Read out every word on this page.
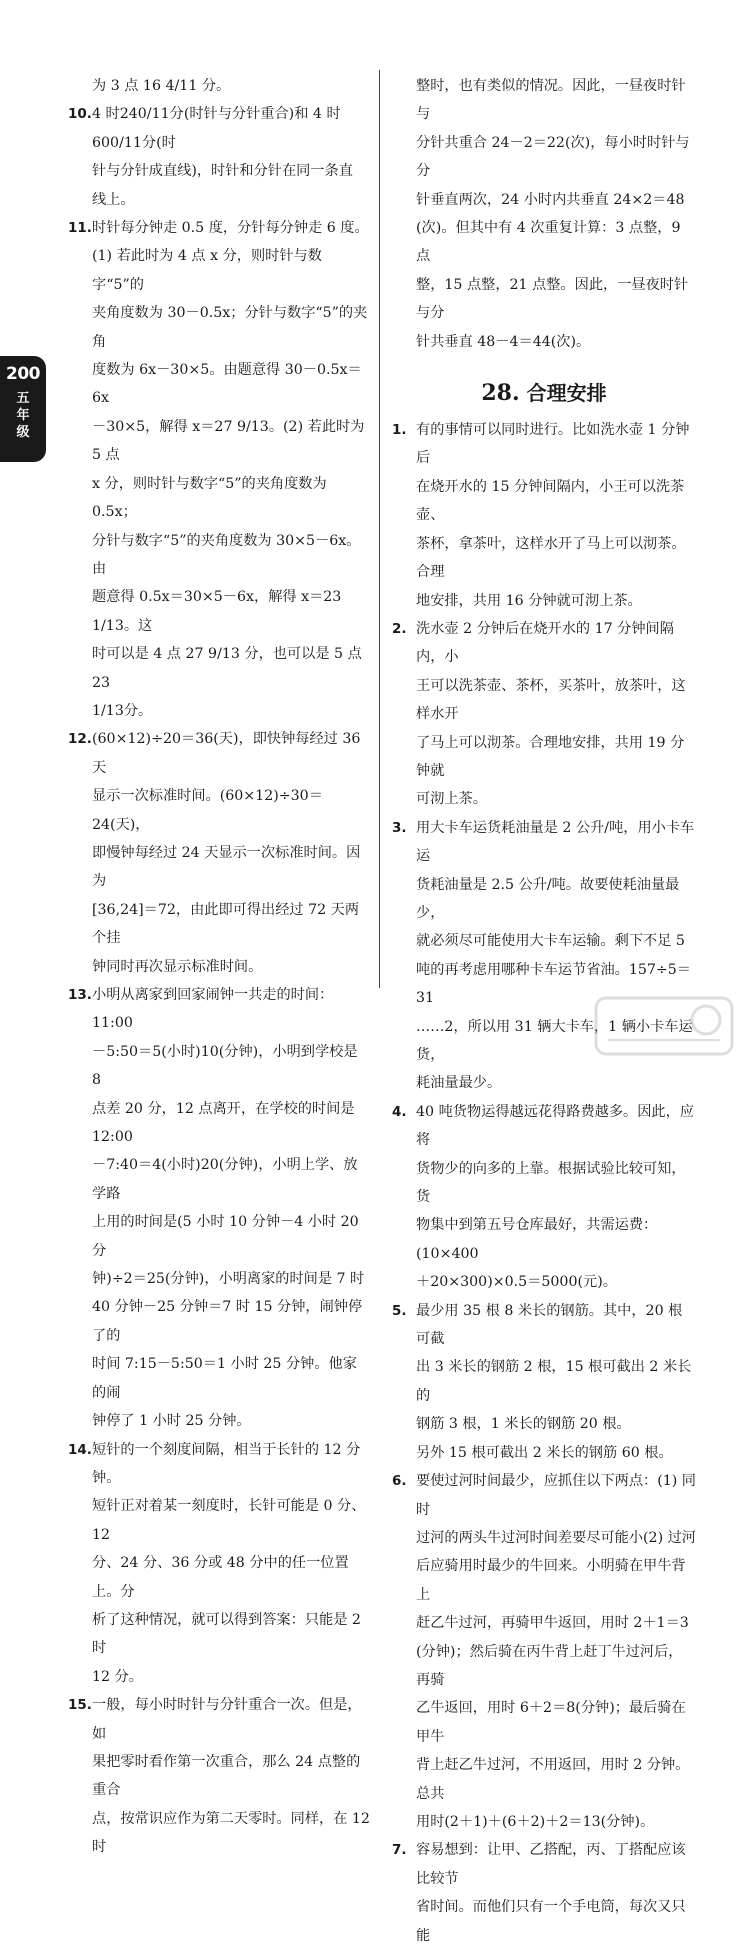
200
五
年
级

为 3 点 16 4/11 分。

10. 4 时240/11分(时针与分针重合)和 4 时600/11分(时

针与分针成直线)，时针和分针在同一条直

线上。

11. 时针每分钟走 0.5 度，分针每分钟走 6 度。

(1) 若此时为 4 点 x 分，则时针与数字“5”的

夹角度数为 30－0.5x；分针与数字“5”的夹角

度数为 6x－30×5。由题意得 30－0.5x＝6x

－30×5，解得 x＝27 9/13。(2) 若此时为 5 点

x 分，则时针与数字“5”的夹角度数为 0.5x；

分针与数字“5”的夹角度数为 30×5－6x。由

题意得 0.5x＝30×5－6x，解得 x＝23 1/13。这

时可以是 4 点 27 9/13 分，也可以是 5 点 23

1/13分。

12. (60×12)÷20＝36(天)，即快钟每经过 36 天

显示一次标准时间。(60×12)÷30＝24(天)，

即慢钟每经过 24 天显示一次标准时间。因为

[36,24]＝72，由此即可得出经过 72 天两个挂

钟同时再次显示标准时间。

13. 小明从离家到回家闹钟一共走的时间：11:00

－5:50＝5(小时)10(分钟)，小明到学校是 8

点差 20 分，12 点离开，在学校的时间是 12:00

－7:40＝4(小时)20(分钟)，小明上学、放学路

上用的时间是(5 小时 10 分钟－4 小时 20 分

钟)÷2＝25(分钟)，小明离家的时间是 7 时

40 分钟－25 分钟＝7 时 15 分钟，闹钟停了的

时间 7:15－5:50＝1 小时 25 分钟。他家的闹

钟停了 1 小时 25 分钟。

14. 短针的一个刻度间隔，相当于长针的 12 分钟。

短针正对着某一刻度时，长针可能是 0 分、12

分、24 分、36 分或 48 分中的任一位置上。分

析了这种情况，就可以得到答案：只能是 2 时

12 分。

15. 一般，每小时时针与分针重合一次。但是，如

果把零时看作第一次重合，那么 24 点整的重合

点，按常识应作为第二天零时。同样，在 12 时

整时，也有类似的情况。因此，一昼夜时针与

分针共重合 24－2＝22(次)，每小时时针与分

针垂直两次，24 小时内共垂直 24×2＝48

(次)。但其中有 4 次重复计算：3 点整，9 点

整，15 点整，21 点整。因此，一昼夜时针与分

针共垂直 48－4＝44(次)。

28. 合理安排
1. 有的事情可以同时进行。比如洗水壶 1 分钟后

在烧开水的 15 分钟间隔内，小王可以洗茶壶、

茶杯，拿茶叶，这样水开了马上可以沏茶。合理

地安排，共用 16 分钟就可沏上茶。

2. 洗水壶 2 分钟后在烧开水的 17 分钟间隔内，小

王可以洗茶壶、茶杯，买茶叶，放茶叶，这样水开

了马上可以沏茶。合理地安排，共用 19 分钟就

可沏上茶。

3. 用大卡车运货耗油量是 2 公升/吨，用小卡车运

货耗油量是 2.5 公升/吨。故要使耗油量最少，

就必须尽可能使用大卡车运输。剩下不足 5

吨的再考虑用哪种卡车运节省油。157÷5＝31

……2，所以用 31 辆大卡车，1 辆小卡车运货，

耗油量最少。

4. 40 吨货物运得越远花得路费越多。因此，应将

货物少的向多的上靠。根据试验比较可知，货

物集中到第五号仓库最好，共需运费：(10×400

＋20×300)×0.5＝5000(元)。

5. 最少用 35 根 8 米长的钢筋。其中，20 根可截

出 3 米长的钢筋 2 根，15 根可截出 2 米长的

钢筋 3 根，1 米长的钢筋 20 根。

另外 15 根可截出 2 米长的钢筋 60 根。

6. 要使过河时间最少，应抓住以下两点：(1) 同时

过河的两头牛过河时间差要尽可能小(2) 过河

后应骑用时最少的牛回来。小明骑在甲牛背上

赶乙牛过河，再骑甲牛返回，用时 2＋1＝3

(分钟)；然后骑在丙牛背上赶丁牛过河后，再骑

乙牛返回，用时 6＋2＝8(分钟)；最后骑在甲牛

背上赶乙牛过河，不用返回，用时 2 分钟。总共

用时(2＋1)＋(6＋2)＋2＝13(分钟)。

7. 容易想到：让甲、乙搭配，丙、丁搭配应该比较节

省时间。而他们只有一个手电筒，每次又只能
